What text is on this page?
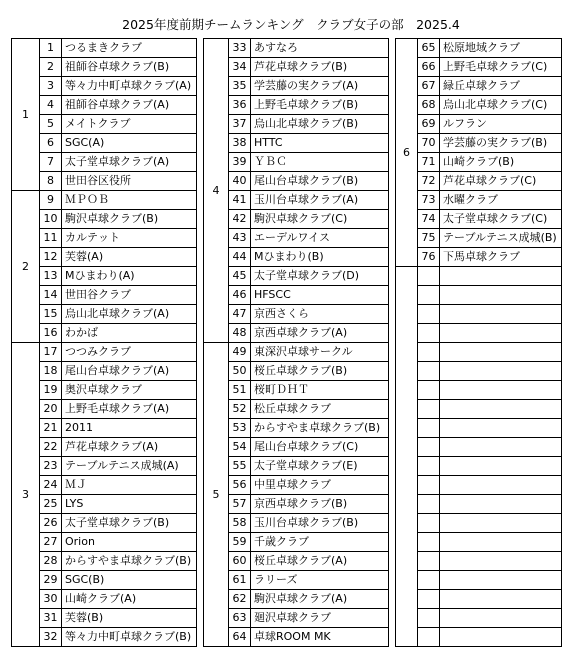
2025年度前期チームランキング　クラブ女子の部　2025.4
1	1	つるまきクラブ
	2	祖師谷卓球クラブ(B)
	3	等々力中町卓球クラブ(A)
	4	祖師谷卓球クラブ(A)
	5	メイトクラブ
	6	SGC(A)
	7	太子堂卓球クラブ(A)
	8	世田谷区役所
2	9	ＭＰＯＢ
	10	駒沢卓球クラブ(B)
	11	カルテット
	12	芙蓉(A)
	13	Mひまわり(A)
	14	世田谷クラブ
	15	烏山北卓球クラブ(A)
	16	わかば
3	17	つつみクラブ
	18	尾山台卓球クラブ(A)
	19	奥沢卓球クラブ
	20	上野毛卓球クラブ(A)
	21	2011
	22	芦花卓球クラブ(A)
	23	テーブルテニス成城(A)
	24	ＭＪ
	25	LYS
	26	太子堂卓球クラブ(B)
	27	Orion
	28	からすやま卓球クラブ(B)
	29	SGC(B)
	30	山崎クラブ(A)
	31	芙蓉(B)
	32	等々力中町卓球クラブ(B)
4	33	あすなろ
	34	芦花卓球クラブ(B)
	35	学芸藤の実クラブ(A)
	36	上野毛卓球クラブ(B)
	37	烏山北卓球クラブ(B)
	38	HTTC
	39	ＹＢＣ
	40	尾山台卓球クラブ(B)
	41	玉川台卓球クラブ(A)
	42	駒沢卓球クラブ(C)
	43	エーデルワイス
	44	Mひまわり(B)
	45	太子堂卓球クラブ(D)
	46	HFSCC
	47	京西さくら
	48	京西卓球クラブ(A)
5	49	東深沢卓球サークル
	50	桜丘卓球クラブ(B)
	51	桜町ＤＨＴ
	52	松丘卓球クラブ
	53	からすやま卓球クラブ(B)
	54	尾山台卓球クラブ(C)
	55	太子堂卓球クラブ(E)
	56	中里卓球クラブ
	57	京西卓球クラブ(B)
	58	玉川台卓球クラブ(B)
	59	千歳クラブ
	60	桜丘卓球クラブ(A)
	61	ラリーズ
	62	駒沢卓球クラブ(A)
	63	廻沢卓球クラブ
	64	卓球ROOM MK
6	65	松原地域クラブ
	66	上野毛卓球クラブ(C)
	67	緑丘卓球クラブ
	68	烏山北卓球クラブ(C)
	69	ルフラン
	70	学芸藤の実クラブ(B)
	71	山崎クラブ(B)
	72	芦花卓球クラブ(C)
	73	水曜クラブ
	74	太子堂卓球クラブ(C)
	75	テーブルテニス成城(B)
	76	下馬卓球クラブ
